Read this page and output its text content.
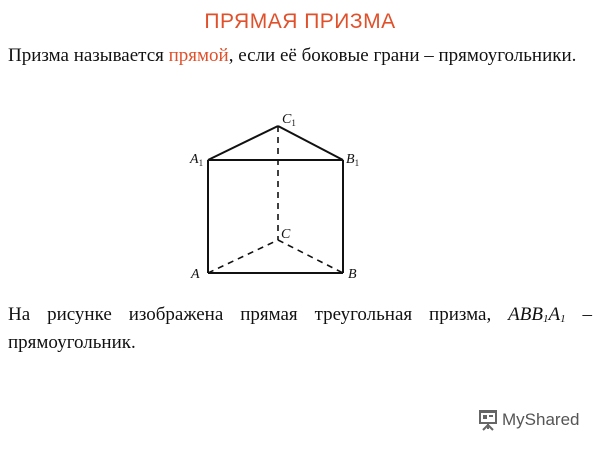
ПРЯМАЯ ПРИЗМА
Призма называется прямой, если её боковые грани – прямоугольники.
$C_1$
$A_1$	$B_1$
C
A	B
На рисунке изображена прямая треугольная призма, $ABB_1A_1$ – прямоугольник.
MyShared
